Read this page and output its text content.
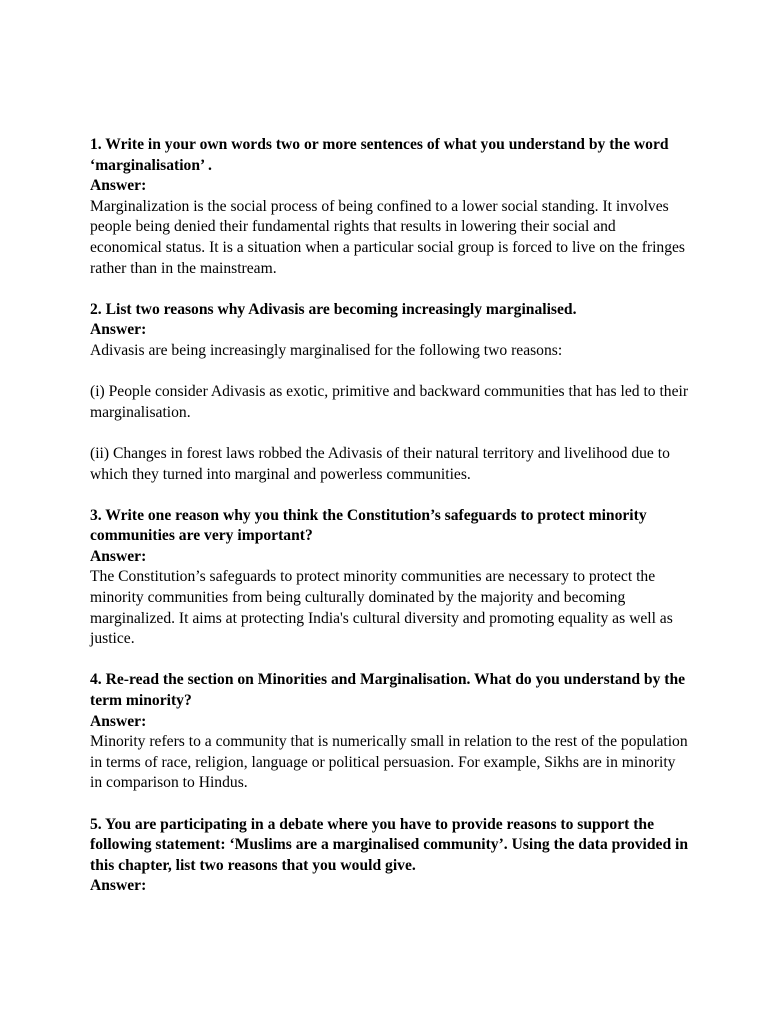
1. Write in your own words two or more sentences of what you understand by the word ‘marginalisation’ .

Answer:

Marginalization is the social process of being confined to a lower social standing. It involves people being denied their fundamental rights that results in lowering their social and economical status. It is a situation when a particular social group is forced to live on the fringes rather than in the mainstream.

2. List two reasons why Adivasis are becoming increasingly marginalised.

Answer:

Adivasis are being increasingly marginalised for the following two reasons:

(i) People consider Adivasis as exotic, primitive and backward communities that has led to their marginalisation.

(ii) Changes in forest laws robbed the Adivasis of their natural territory and livelihood due to which they turned into marginal and powerless communities.

3. Write one reason why you think the Constitution’s safeguards to protect minority communities are very important?

Answer:

The Constitution’s safeguards to protect minority communities are necessary to protect the minority communities from being culturally dominated by the majority and becoming marginalized. It aims at protecting India's cultural diversity and promoting equality as well as justice.

4. Re-read the section on Minorities and Marginalisation. What do you understand by the term minority?

Answer:

Minority refers to a community that is numerically small in relation to the rest of the population in terms of race, religion, language or political persuasion. For example, Sikhs are in minority in comparison to Hindus.

5. You are participating in a debate where you have to provide reasons to support the following statement: ‘Muslims are a marginalised community’. Using the data provided in this chapter, list two reasons that you would give.

Answer:
